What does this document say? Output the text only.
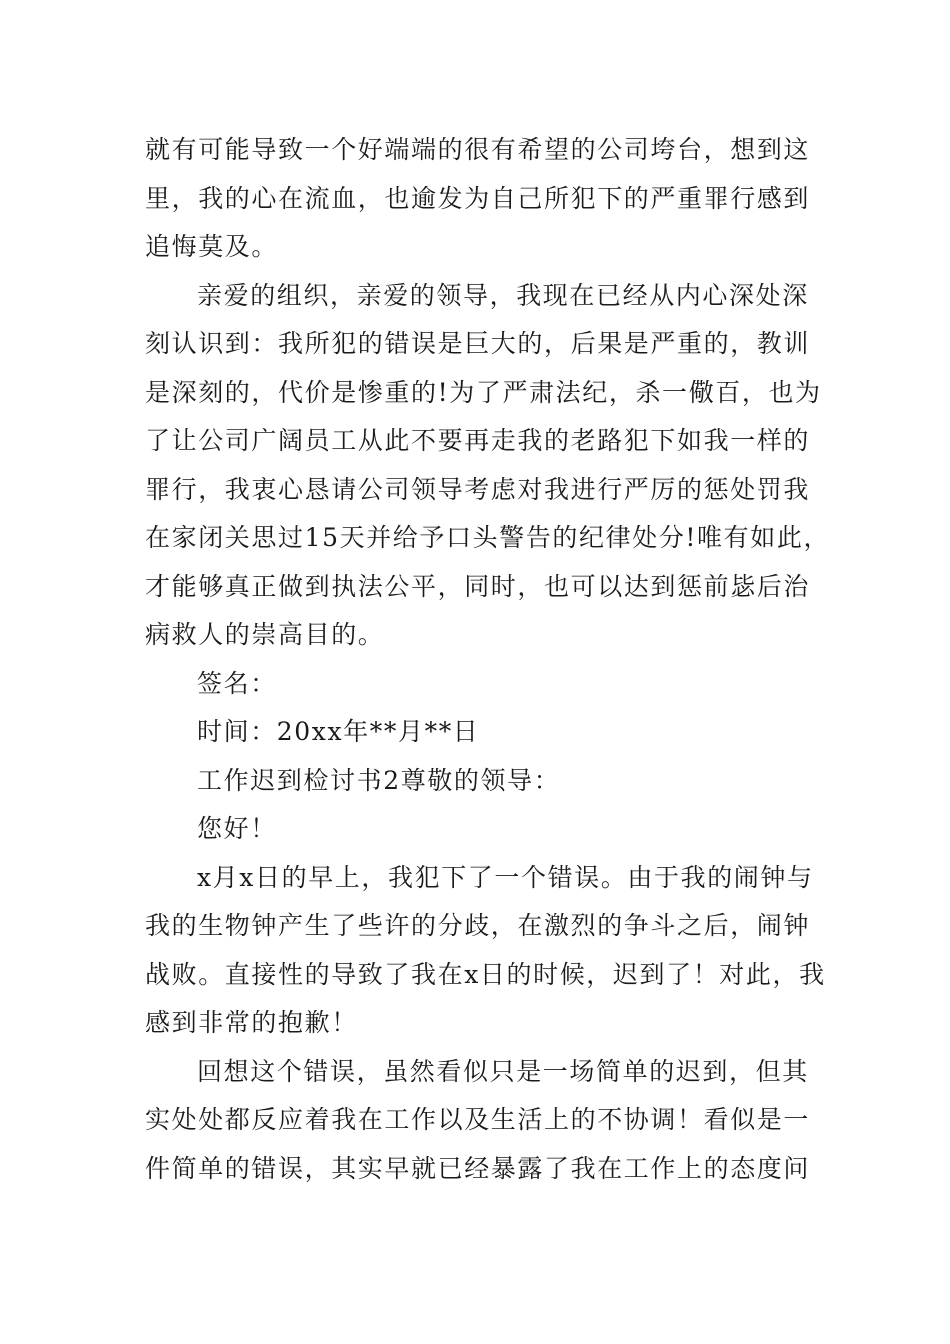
就有可能导致一个好端端的很有希望的公司垮台，想到这
里，我的心在流血，也逾发为自己所犯下的严重罪行感到
追悔莫及。

亲爱的组织，亲爱的领导，我现在已经从内心深处深
刻认识到：我所犯的错误是巨大的，后果是严重的，教训
是深刻的，代价是惨重的!为了严肃法纪，杀一儆百，也为
了让公司广阔员工从此不要再走我的老路犯下如我一样的
罪行，我衷心恳请公司领导考虑对我进行严厉的惩处罚我
在家闭关思过15天并给予口头警告的纪律处分!唯有如此，
才能够真正做到执法公平，同时，也可以达到惩前毖后治
病救人的崇高目的。

签名：

时间：20xx年**月**日

工作迟到检讨书2尊敬的领导：

您好！

x月x日的早上，我犯下了一个错误。由于我的闹钟与
我的生物钟产生了些许的分歧，在激烈的争斗之后，闹钟
战败。直接性的导致了我在x日的时候，迟到了！对此，我
感到非常的抱歉！

回想这个错误，虽然看似只是一场简单的迟到，但其
实处处都反应着我在工作以及生活上的不协调！看似是一
件简单的错误，其实早就已经暴露了我在工作上的态度问
